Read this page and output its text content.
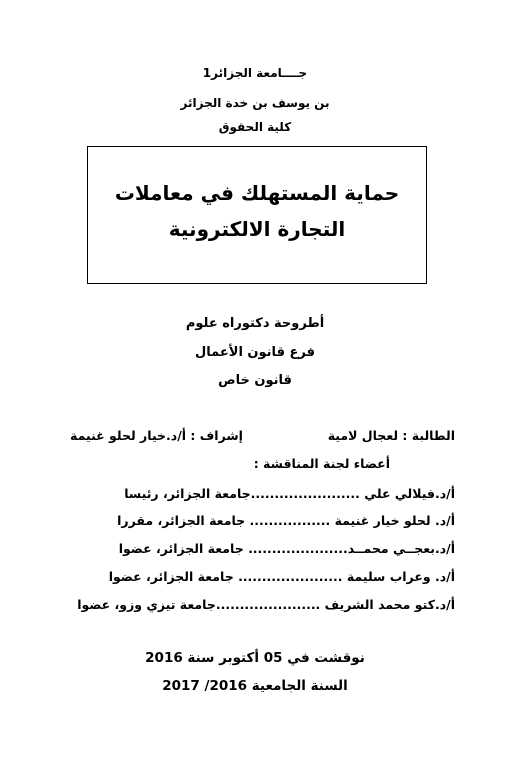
جــــامعة الجزائر1
بن يوسف بن خدة الجزائر
كلية الحقوق
حماية المستهلك في معاملات
التجارة الالكترونية
أطروحة دكتوراه علوم
فرع قانون الأعمال
قانون خاص
الطالبة : لعجال لامية
إشراف : أ/د.خيار لحلو غنيمة
أعضاء لجنة المناقشة :
أ/د.فيلالي علي .......................جامعة الجزائر، رئيسا
أ/د. لحلو خيار غنيمة ................. جامعة الجزائر، مقررا
أ/د.بعجــي محمــد..................... جامعة الجزائر، عضوا
أ/د. وعراب سليمة ...................... جامعة الجزائر، عضوا
أ/د.كتو محمد الشريف ......................جامعة تيزي وزو، عضوا
نوقشت في 05 أكتوبر سنة 2016
السنة الجامعية 2016/ 2017
